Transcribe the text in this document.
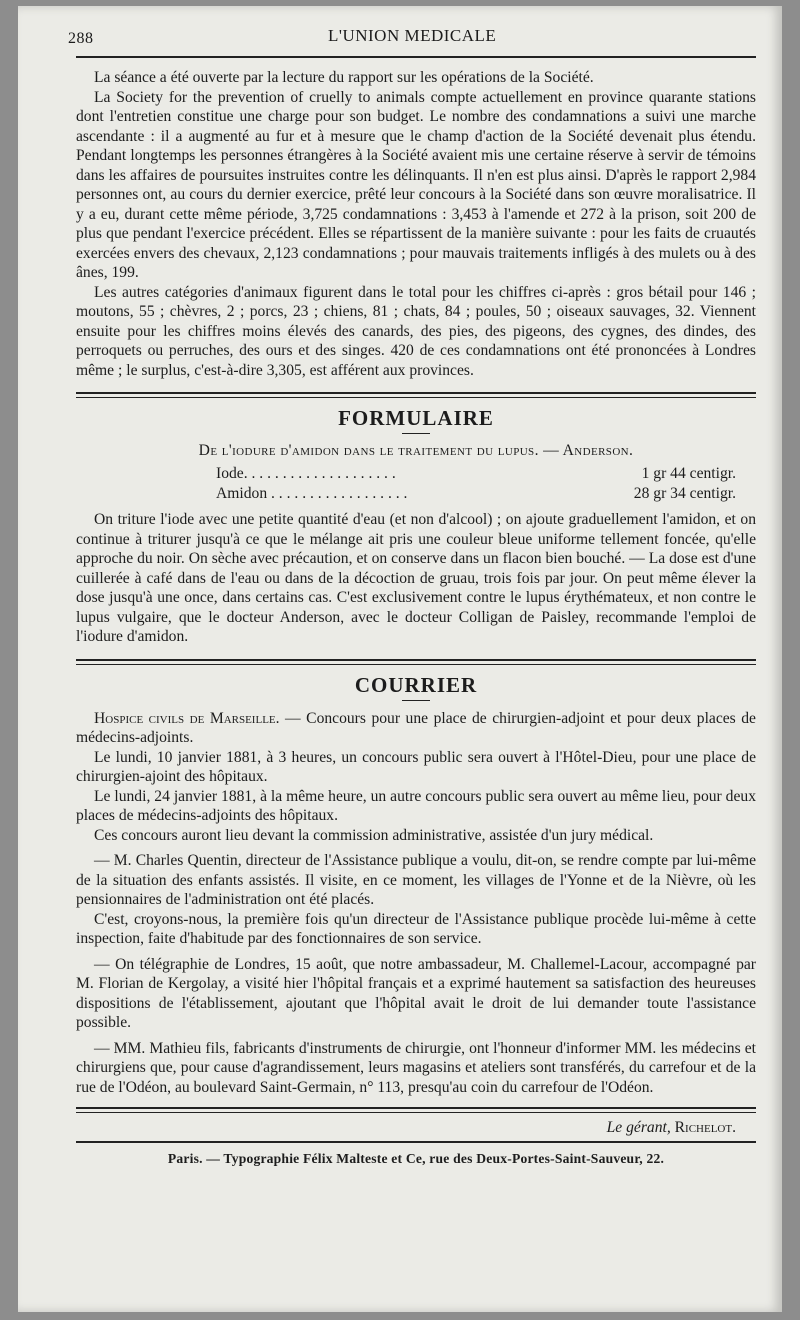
288	L'UNION MEDICALE

La séance a été ouverte par la lecture du rapport sur les opérations de la Société.

La Society for the prevention of cruelly to animals compte actuellement en province quarante stations dont l'entretien constitue une charge pour son budget. Le nombre des condamnations a suivi une marche ascendante : il a augmenté au fur et à mesure que le champ d'action de la Société devenait plus étendu. Pendant longtemps les personnes étrangères à la Société avaient mis une certaine réserve à servir de témoins dans les affaires de poursuites instruites contre les délinquants. Il n'en est plus ainsi. D'après le rapport 2,984 personnes ont, au cours du dernier exercice, prêté leur concours à la Société dans son œuvre moralisatrice. Il y a eu, durant cette même période, 3,725 condamnations : 3,453 à l'amende et 272 à la prison, soit 200 de plus que pendant l'exercice précédent. Elles se répartissent de la manière suivante : pour les faits de cruautés exercées envers des chevaux, 2,123 condamnations ; pour mauvais traitements infligés à des mulets ou à des ânes, 199.

Les autres catégories d'animaux figurent dans le total pour les chiffres ci-après : gros bétail pour 146 ; moutons, 55 ; chèvres, 2 ; porcs, 23 ; chiens, 81 ; chats, 84 ; poules, 50 ; oiseaux sauvages, 32. Viennent ensuite pour les chiffres moins élevés des canards, des pies, des pigeons, des cygnes, des dindes, des perroquets ou perruches, des ours et des singes. 420 de ces condamnations ont été prononcées à Londres même ; le surplus, c'est-à-dire 3,305, est afférent aux provinces.

FORMULAIRE
De l'iodure d'amidon dans le traitement du lupus. — Anderson.
Iode. . . . . . . . . . . . . . . . . . . .	1 gr 44 centigr.
Amidon . . . . . . . . . . . . . . . . . .	28 gr 34 centigr.

On triture l'iode avec une petite quantité d'eau (et non d'alcool) ; on ajoute graduellement l'amidon, et on continue à triturer jusqu'à ce que le mélange ait pris une couleur bleue uniforme tellement foncée, qu'elle approche du noir. On sèche avec précaution, et on conserve dans un flacon bien bouché. — La dose est d'une cuillerée à café dans de l'eau ou dans de la décoction de gruau, trois fois par jour. On peut même élever la dose jusqu'à une once, dans certains cas. C'est exclusivement contre le lupus érythémateux, et non contre le lupus vulgaire, que le docteur Anderson, avec le docteur Colligan de Paisley, recommande l'emploi de l'iodure d'amidon.

COURRIER

Hospice civils de Marseille. — Concours pour une place de chirurgien-adjoint et pour deux places de médecins-adjoints.

Le lundi, 10 janvier 1881, à 3 heures, un concours public sera ouvert à l'Hôtel-Dieu, pour une place de chirurgien-ajoint des hôpitaux.

Le lundi, 24 janvier 1881, à la même heure, un autre concours public sera ouvert au même lieu, pour deux places de médecins-adjoints des hôpitaux.

Ces concours auront lieu devant la commission administrative, assistée d'un jury médical.

— M. Charles Quentin, directeur de l'Assistance publique a voulu, dit-on, se rendre compte par lui-même de la situation des enfants assistés. Il visite, en ce moment, les villages de l'Yonne et de la Nièvre, où les pensionnaires de l'administration ont été placés.

C'est, croyons-nous, la première fois qu'un directeur de l'Assistance publique procède lui-même à cette inspection, faite d'habitude par des fonctionnaires de son service.

— On télégraphie de Londres, 15 août, que notre ambassadeur, M. Challemel-Lacour, accompagné par M. Florian de Kergolay, a visité hier l'hôpital français et a exprimé hautement sa satisfaction des heureuses dispositions de l'établissement, ajoutant que l'hôpital avait le droit de lui demander toute l'assistance possible.

— MM. Mathieu fils, fabricants d'instruments de chirurgie, ont l'honneur d'informer MM. les médecins et chirurgiens que, pour cause d'agrandissement, leurs magasins et ateliers sont transférés, du carrefour et de la rue de l'Odéon, au boulevard Saint-Germain, n° 113, presqu'au coin du carrefour de l'Odéon.

Le gérant, Richelot.
Paris. — Typographie Félix Malteste et Ce, rue des Deux-Portes-Saint-Sauveur, 22.
